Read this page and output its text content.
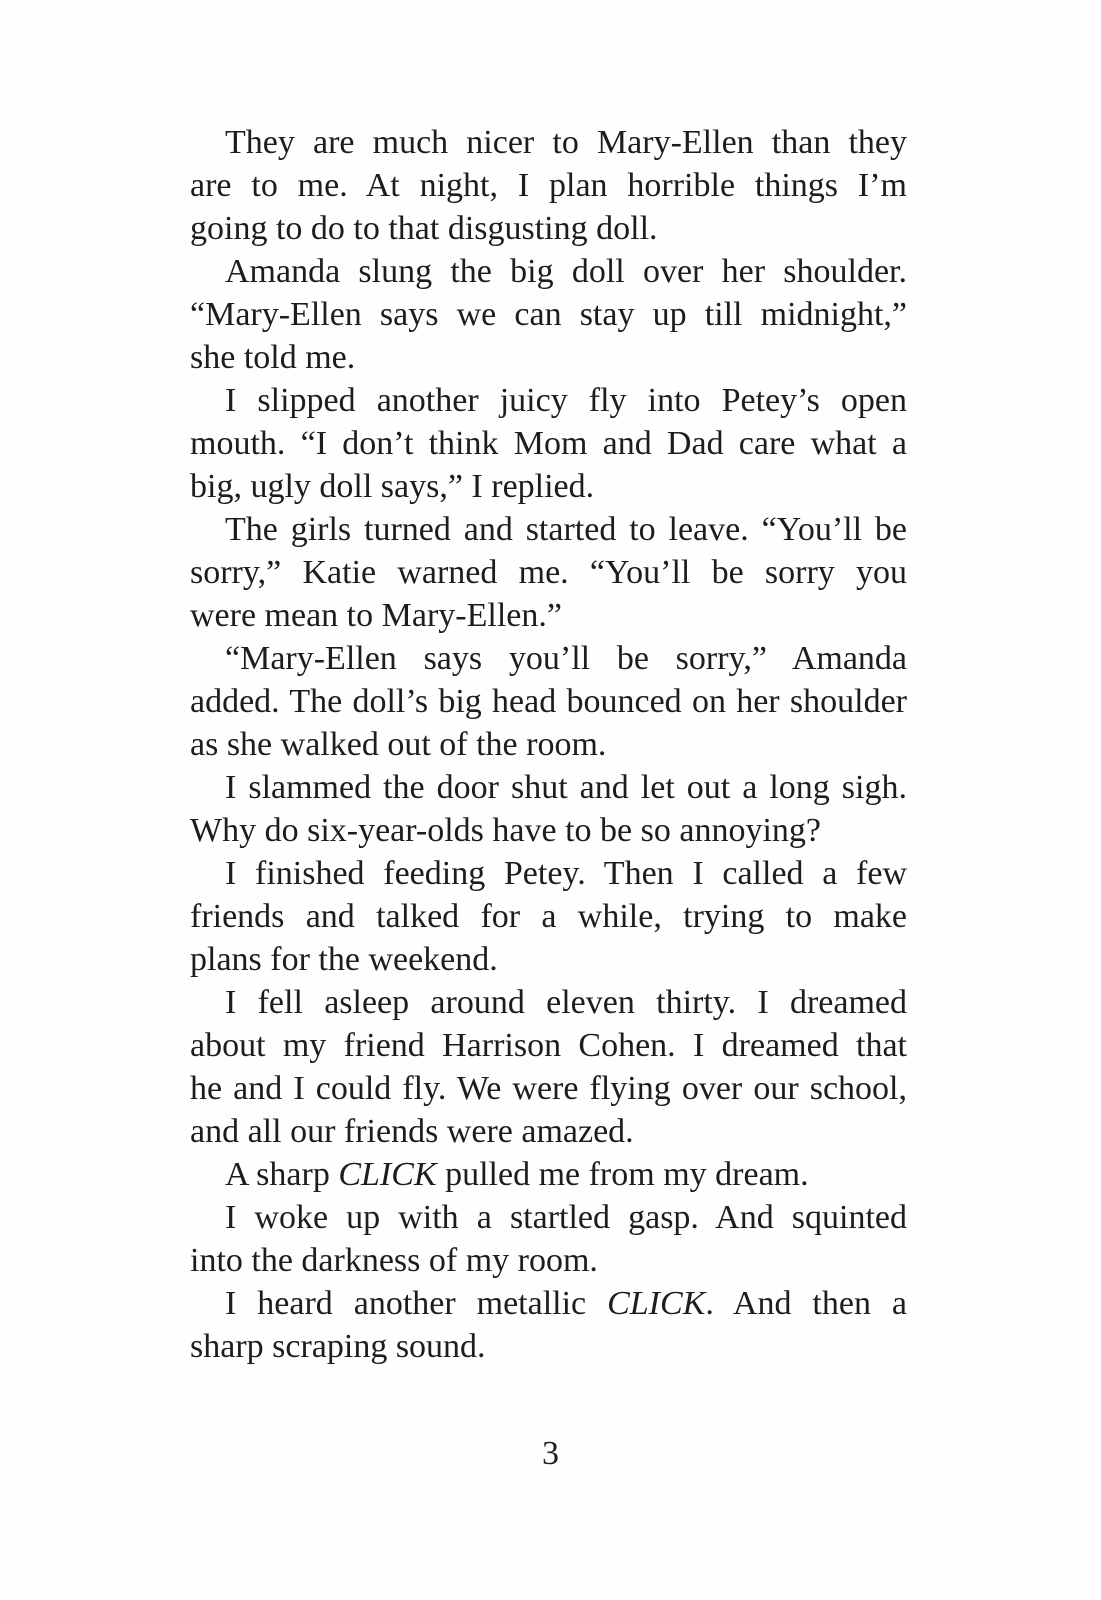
They are much nicer to Mary-Ellen than they
are to me. At night, I plan horrible things I’m
going to do to that disgusting doll.

Amanda slung the big doll over her shoulder.
“Mary-Ellen says we can stay up till midnight,”
she told me.

I slipped another juicy fly into Petey’s open
mouth. “I don’t think Mom and Dad care what a
big, ugly doll says,” I replied.

The girls turned and started to leave. “You’ll be
sorry,” Katie warned me. “You’ll be sorry you
were mean to Mary-Ellen.”

“Mary-Ellen says you’ll be sorry,” Amanda
added. The doll’s big head bounced on her shoulder
as she walked out of the room.

I slammed the door shut and let out a long sigh.
Why do six-year-olds have to be so annoying?

I finished feeding Petey. Then I called a few
friends and talked for a while, trying to make
plans for the weekend.

I fell asleep around eleven thirty. I dreamed
about my friend Harrison Cohen. I dreamed that
he and I could fly. We were flying over our school,
and all our friends were amazed.

A sharp CLICK pulled me from my dream.

I woke up with a startled gasp. And squinted
into the darkness of my room.

I heard another metallic CLICK. And then a
sharp scraping sound.

3
